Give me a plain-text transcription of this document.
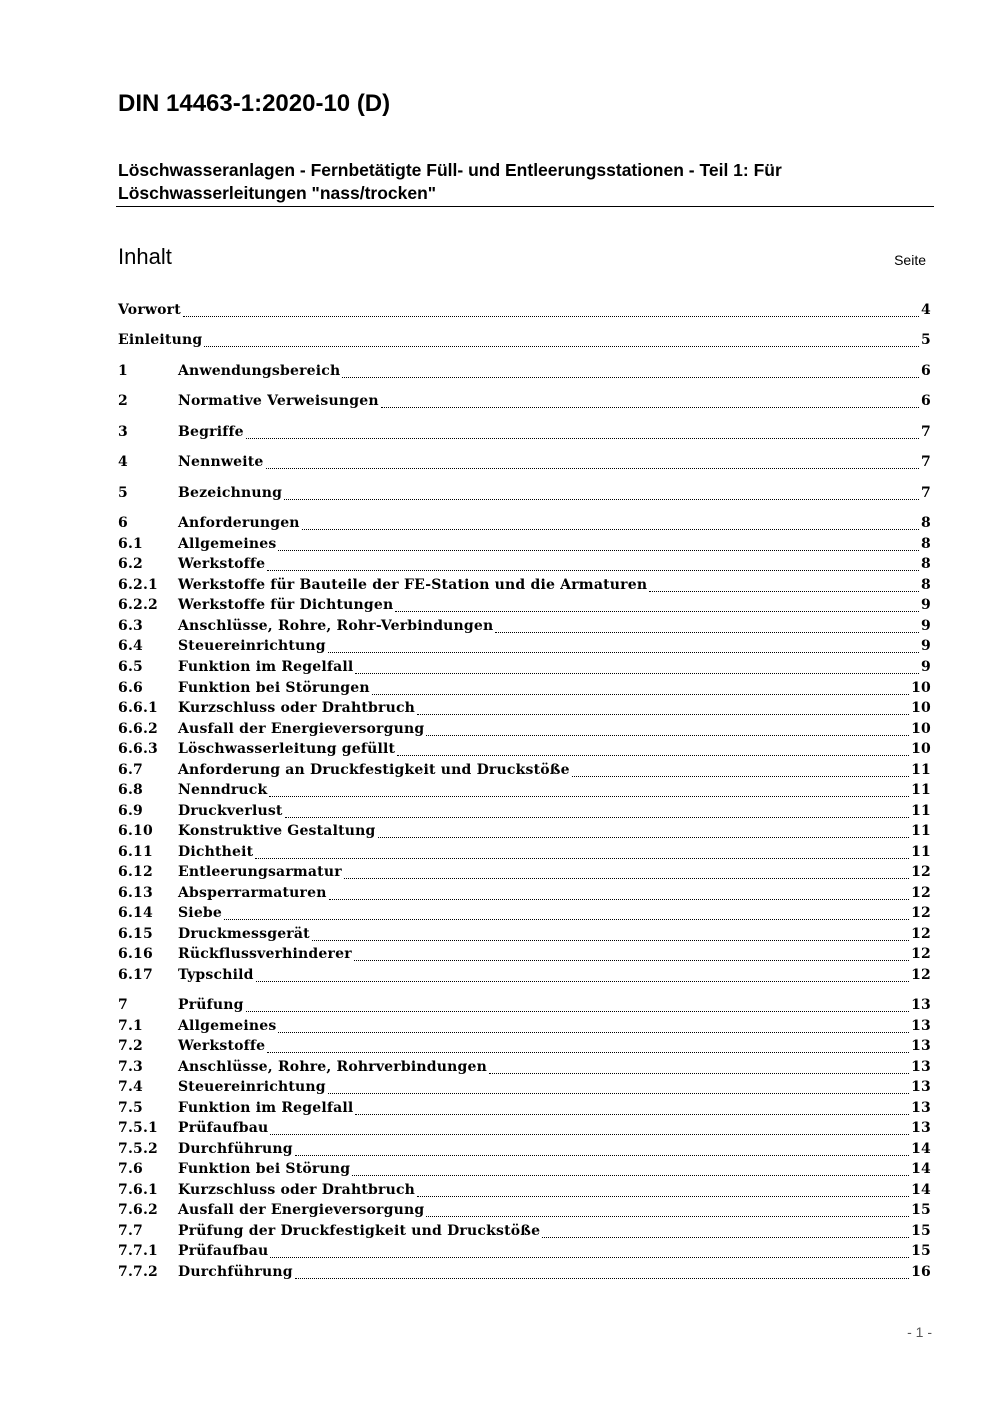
DIN 14463-1:2020-10 (D)
Löschwasseranlagen - Fernbetätigte Füll- und Entleerungsstationen - Teil 1: Für Löschwasserleitungen "nass/trocken"
Inhalt	Seite
Vorwort	4
Einleitung	5
1	Anwendungsbereich	6
2	Normative Verweisungen	6
3	Begriffe	7
4	Nennweite	7
5	Bezeichnung	7
6	Anforderungen	8
6.1	Allgemeines	8
6.2	Werkstoffe	8
6.2.1	Werkstoffe für Bauteile der FE-Station und die Armaturen	8
6.2.2	Werkstoffe für Dichtungen	9
6.3	Anschlüsse, Rohre, Rohr-Verbindungen	9
6.4	Steuereinrichtung	9
6.5	Funktion im Regelfall	9
6.6	Funktion bei Störungen	10
6.6.1	Kurzschluss oder Drahtbruch	10
6.6.2	Ausfall der Energieversorgung	10
6.6.3	Löschwasserleitung gefüllt	10
6.7	Anforderung an Druckfestigkeit und Druckstöße	11
6.8	Nenndruck	11
6.9	Druckverlust	11
6.10	Konstruktive Gestaltung	11
6.11	Dichtheit	11
6.12	Entleerungsarmatur	12
6.13	Absperrarmaturen	12
6.14	Siebe	12
6.15	Druckmessgerät	12
6.16	Rückflussverhinderer	12
6.17	Typschild	12
7	Prüfung	13
7.1	Allgemeines	13
7.2	Werkstoffe	13
7.3	Anschlüsse, Rohre, Rohrverbindungen	13
7.4	Steuereinrichtung	13
7.5	Funktion im Regelfall	13
7.5.1	Prüfaufbau	13
7.5.2	Durchführung	14
7.6	Funktion bei Störung	14
7.6.1	Kurzschluss oder Drahtbruch	14
7.6.2	Ausfall der Energieversorgung	15
7.7	Prüfung der Druckfestigkeit und Druckstöße	15
7.7.1	Prüfaufbau	15
7.7.2	Durchführung	16
- 1 -
